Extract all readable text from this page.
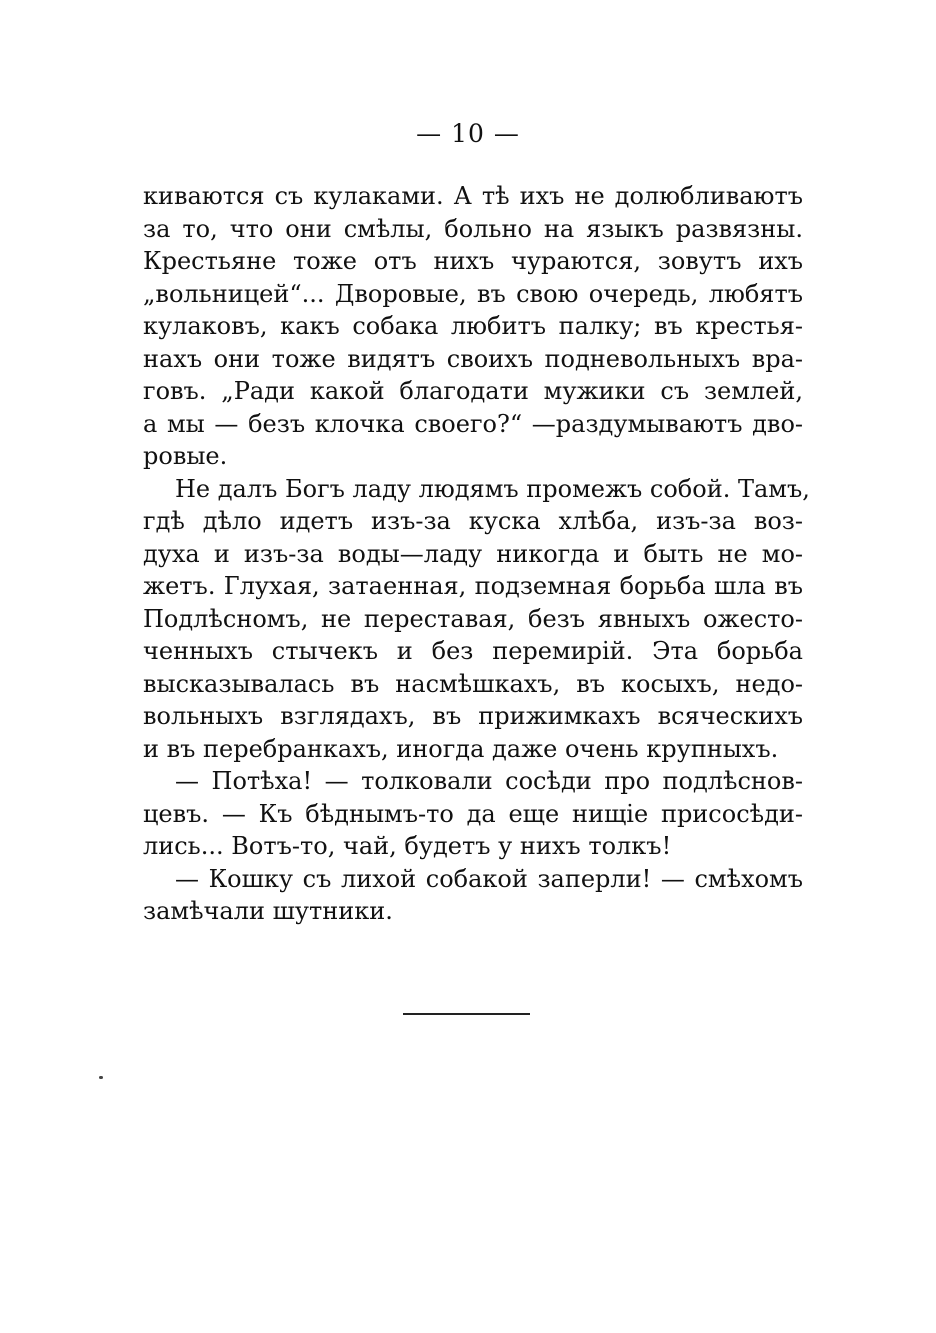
— 10 —
киваются съ кулаками. А тѣ ихъ не долюбливаютъ
за то, что они смѣлы, больно на языкъ развязны.
Крестьяне тоже отъ нихъ чураются, зовутъ ихъ
„вольницей“... Дворовые, въ свою очередь, любятъ
кулаковъ, какъ собака любитъ палку; въ крестья-
нахъ они тоже видятъ своихъ подневольныхъ вра-
говъ. „Ради какой благодати мужики съ землей,
а мы — безъ клочка своего?“ —раздумываютъ дво-
ровые.
Не далъ Богъ ладу людямъ промежъ собой. Тамъ,
гдѣ дѣло идетъ изъ-за куска хлѣба, изъ-за воз-
духа и изъ-за воды—ладу никогда и быть не мо-
жетъ. Глухая, затаенная, подземная борьба шла въ
Подлѣсномъ, не переставая, безъ явныхъ ожесто-
ченныхъ стычекъ и без перемирій. Эта борьба
высказывалась въ насмѣшкахъ, въ косыхъ, недо-
вольныхъ взглядахъ, въ прижимкахъ всяческихъ
и въ перебранкахъ, иногда даже очень крупныхъ.
— Потѣха! — толковали сосѣди про подлѣснов-
цевъ. — Къ бѣднымъ-то да еще нищіе присосѣди-
лись... Вотъ-то, чай, будетъ у нихъ толкъ!
— Кошку съ лихой собакой заперли! — смѣхомъ
замѣчали шутники.
